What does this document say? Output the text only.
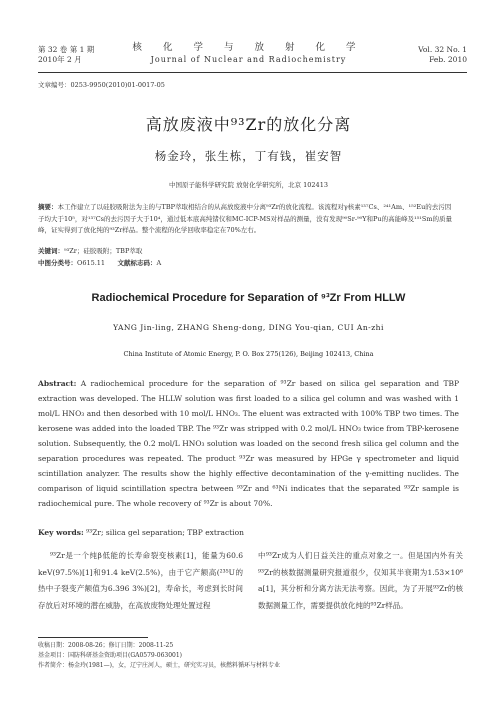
第 32 卷 第 1 期
2010年 2 月
核 化 学 与 放 射 化 学
Journal of Nuclear and Radiochemistry
Vol. 32 No. 1
Feb. 2010
文章编号：0253-9950(2010)01-0017-05
高放废液中⁹³Zr的放化分离
杨金玲，张生栋，丁有钱，崔安智
中国原子能科学研究院 放射化学研究所，北京 102413
摘要：本工作建立了以硅胶吸附法为主的与TBP萃取相结合的从高放废液中分离⁹³Zr的放化流程。该流程对γ核素¹³⁷Cs、²⁴¹Am、¹⁵²Eu的去污因子均大于10⁵，对¹³⁷Cs的去污因子大于10⁴，通过低本底高纯锗仪和MC-ICP-MS对样品的测量，没有发现⁹⁰Sr-⁹⁰Y和Pu的高能峰及¹⁵¹Sm的质量峰，证实得到了放化纯的⁹³Zr样品。整个流程的化学回收率稳定在70%左右。
关键词：⁹³Zr；硅胶吸附；TBP萃取
中图分类号：O615.11 文献标志码：A
Radiochemical Procedure for Separation of ⁹³Zr From HLLW
YANG Jin-ling, ZHANG Sheng-dong, DING You-qian, CUI An-zhi
China Institute of Atomic Energy, P. O. Box 275(126), Beijing 102413, China
Abstract: A radiochemical procedure for the separation of ⁹³Zr based on silica gel separation and TBP extraction was developed. The HLLW solution was first loaded to a silica gel column and was washed with 1 mol/L HNO₃ and then desorbed with 10 mol/L HNO₃. The eluent was extracted with 100% TBP two times. The kerosene was added into the loaded TBP. The ⁹³Zr was stripped with 0.2 mol/L HNO₃ twice from TBP-kerosene solution. Subsequently, the 0.2 mol/L HNO₃ solution was loaded on the second fresh silica gel column and the separation procedures was repeated. The product ⁹³Zr was measured by HPGe γ spectrometer and liquid scintillation analyzer. The results show the highly effective decontamination of the γ-emitting nuclides. The comparison of liquid scintillation spectra between ⁹³Zr and ⁶³Ni indicates that the separated ⁹³Zr sample is radiochemical pure. The whole recovery of ⁹³Zr is about 70%.
Key words: ⁹³Zr; silica gel separation; TBP extraction
⁹³Zr是一个纯β低能的长寿命裂变核素[1]，能量为60.6 keV(97.5%)[1]和91.4 keV(2.5%)，由于它产额高(²³⁵U的热中子裂变产额值为6.396 3%)[2]，寿命长，考虑到长时间存放后对环境的潜在威胁，在高放废物处理处置过程
中⁹³Zr成为人们日益关注的重点对象之一。但是国内外有关⁹³Zr的核数据测量研究报道很少，仅知其半衰期为1.53×10⁶ a[1]，其分析和分离方法无法考察。因此，为了开展⁹³Zr的核数据测量工作，需要提供放化纯的⁹³Zr样品。
收稿日期：2008-08-26；修订日期：2008-11-25
基金项目：国防科研基金资助项目(GA0579-063001)
作者简介：杨金玲(1981—)，女，辽宁庄河人，硕士，研究实习员，核燃料循环与材料专业
